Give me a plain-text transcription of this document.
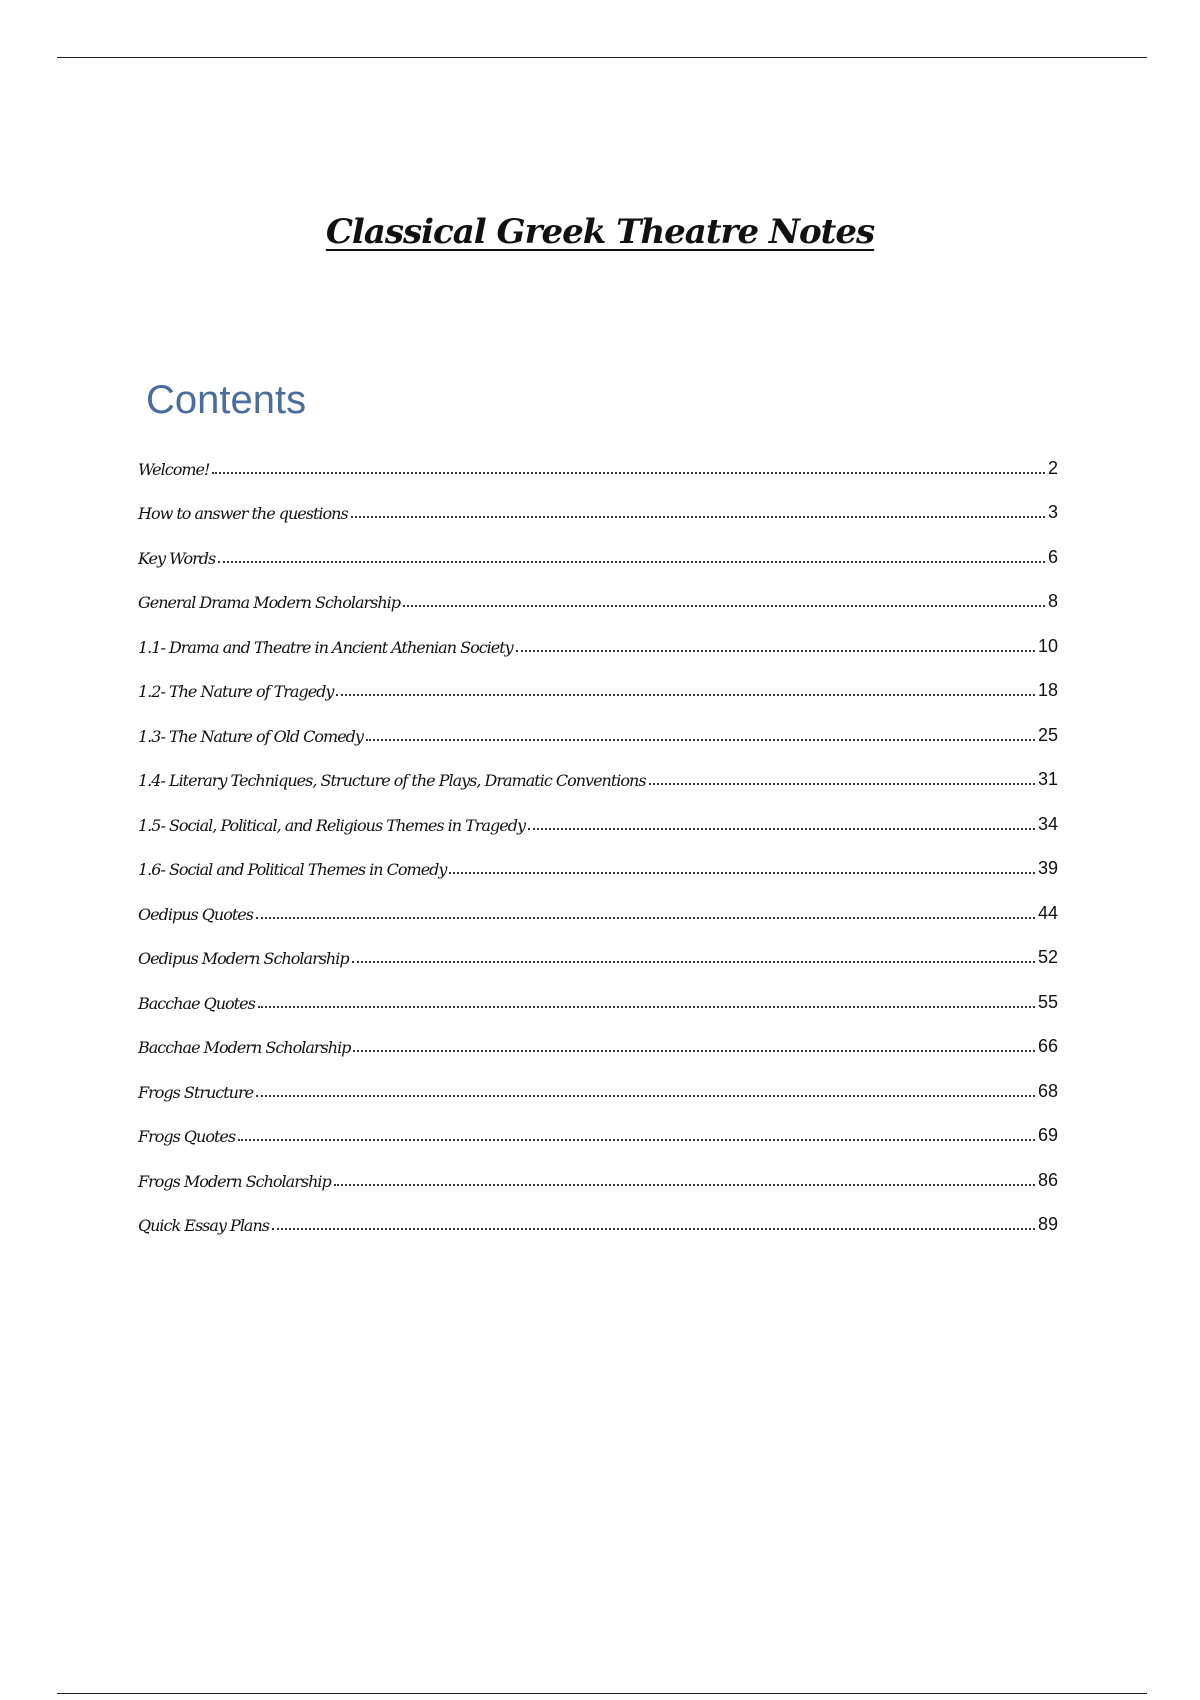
Classical Greek Theatre Notes
Contents
Welcome!	2
How to answer the questions	3
Key Words	6
General Drama Modern Scholarship	8
1.1- Drama and Theatre in Ancient Athenian Society	10
1.2- The Nature of Tragedy	18
1.3- The Nature of Old Comedy	25
1.4- Literary Techniques, Structure of the Plays, Dramatic Conventions	31
1.5- Social, Political, and Religious Themes in Tragedy	34
1.6- Social and Political Themes in Comedy	39
Oedipus Quotes	44
Oedipus Modern Scholarship	52
Bacchae Quotes	55
Bacchae Modern Scholarship	66
Frogs Structure	68
Frogs Quotes	69
Frogs Modern Scholarship	86
Quick Essay Plans	89
